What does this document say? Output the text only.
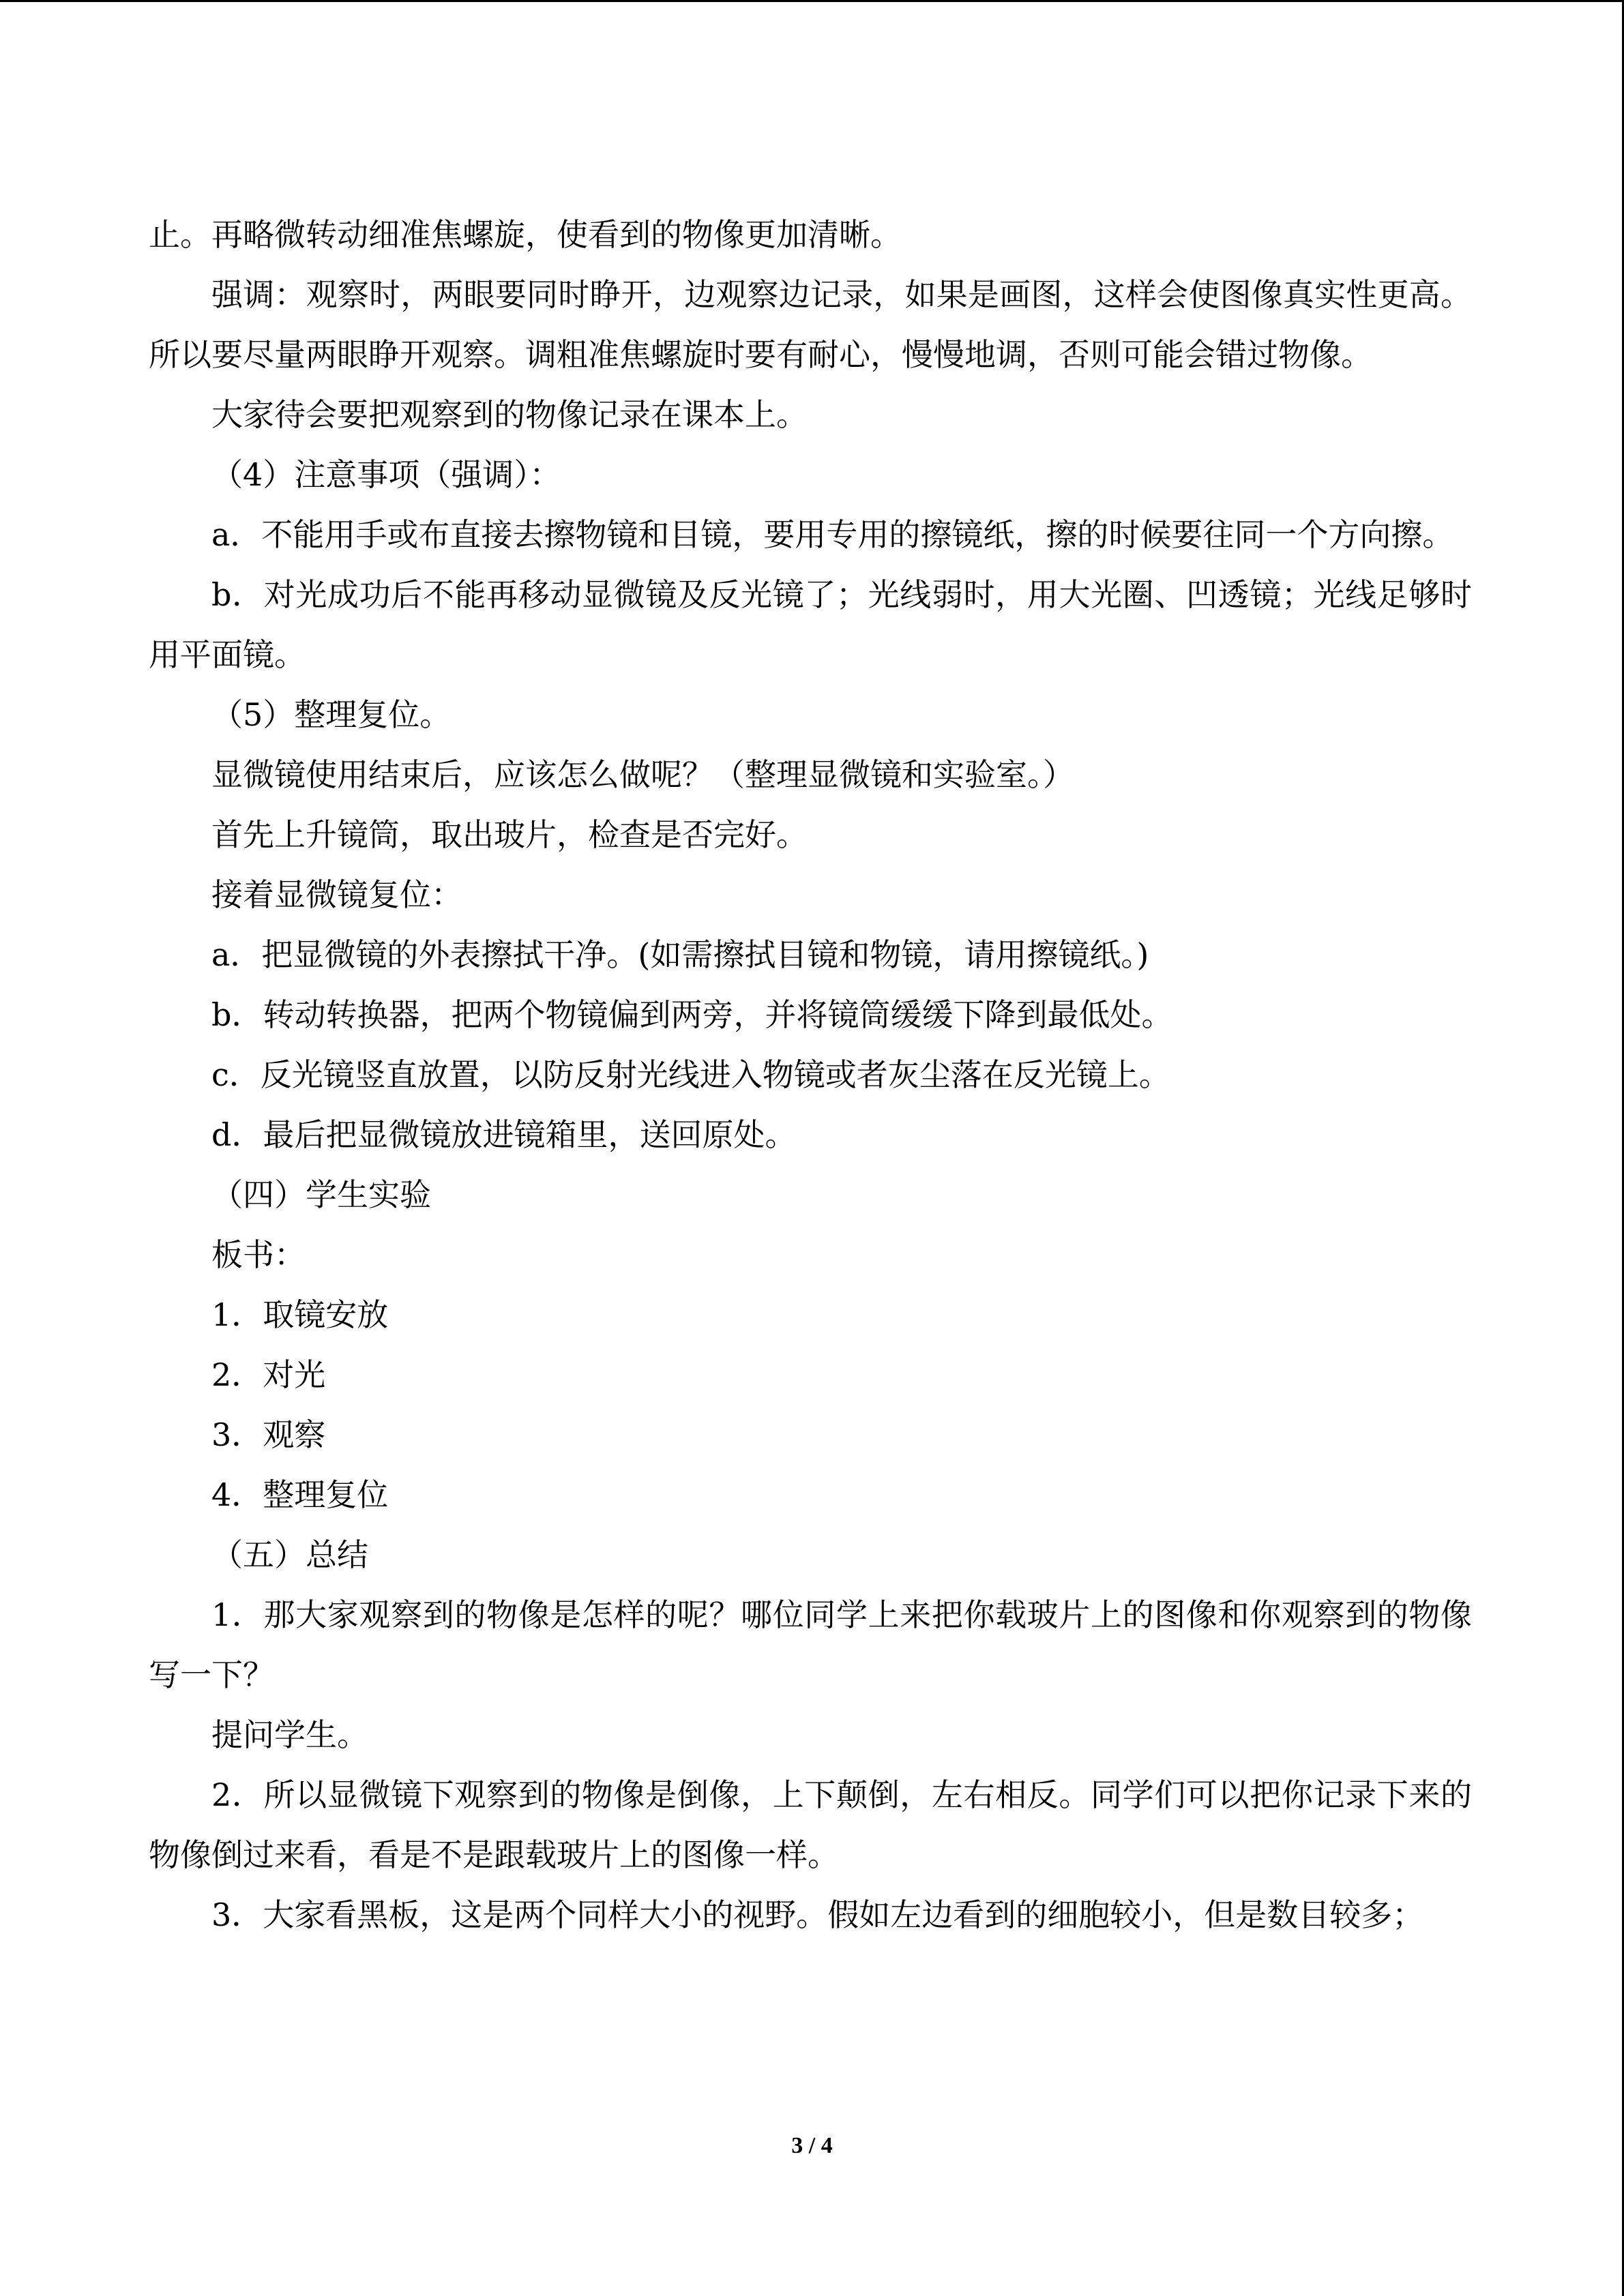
止。再略微转动细准焦螺旋，使看到的物像更加清晰。

强调：观察时，两眼要同时睁开，边观察边记录，如果是画图，这样会使图像真实性更高。所以要尽量两眼睁开观察。调粗准焦螺旋时要有耐心，慢慢地调，否则可能会错过物像。

大家待会要把观察到的物像记录在课本上。

（4）注意事项（强调）：

a．不能用手或布直接去擦物镜和目镜，要用专用的擦镜纸，擦的时候要往同一个方向擦。

b．对光成功后不能再移动显微镜及反光镜了；光线弱时，用大光圈、凹透镜；光线足够时用平面镜。

（5）整理复位。

显微镜使用结束后，应该怎么做呢？（整理显微镜和实验室。）

首先上升镜筒，取出玻片，检查是否完好。

接着显微镜复位：

a．把显微镜的外表擦拭干净。(如需擦拭目镜和物镜，请用擦镜纸。)

b．转动转换器，把两个物镜偏到两旁，并将镜筒缓缓下降到最低处。

c．反光镜竖直放置，以防反射光线进入物镜或者灰尘落在反光镜上。

d．最后把显微镜放进镜箱里，送回原处。

（四）学生实验

板书：

1．取镜安放

2．对光

3．观察

4．整理复位

（五）总结

1．那大家观察到的物像是怎样的呢？哪位同学上来把你载玻片上的图像和你观察到的物像写一下？

提问学生。

2．所以显微镜下观察到的物像是倒像，上下颠倒，左右相反。同学们可以把你记录下来的物像倒过来看，看是不是跟载玻片上的图像一样。

3．大家看黑板，这是两个同样大小的视野。假如左边看到的细胞较小，但是数目较多；

3 / 4
